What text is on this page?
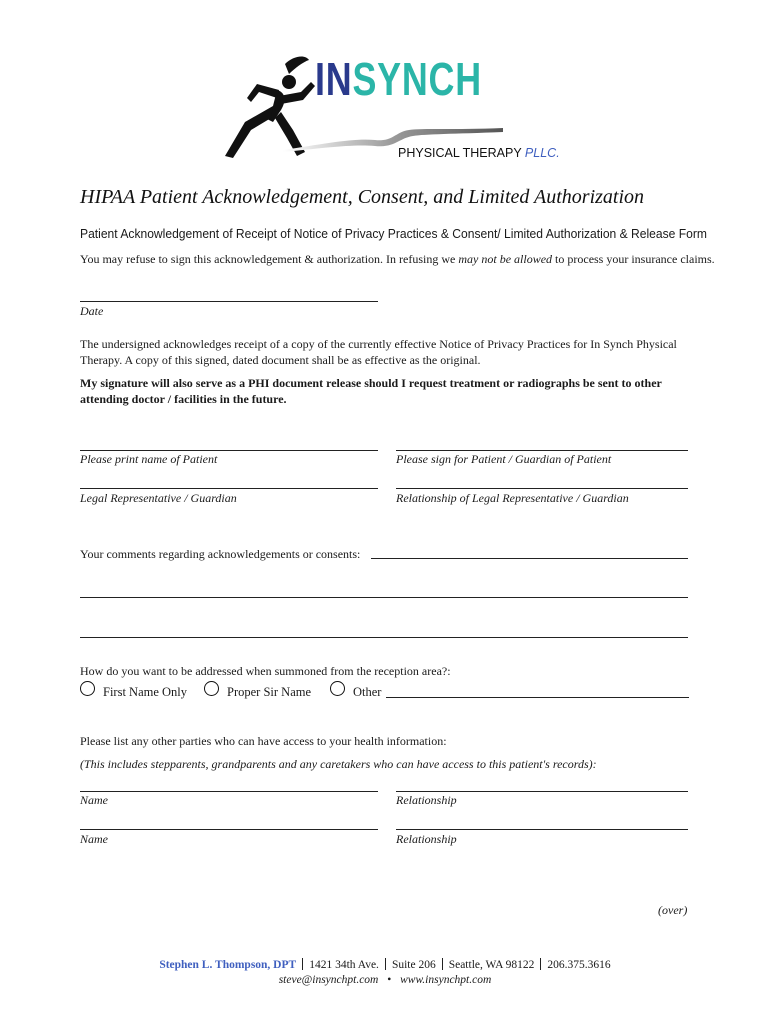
INSYNCH
PHYSICAL THERAPY PLLC.
HIPAA Patient Acknowledgement, Consent, and Limited Authorization
Patient Acknowledgement of Receipt of Notice of Privacy Practices & Consent/ Limited Authorization & Release Form
You may refuse to sign this acknowledgement & authorization. In refusing we may not be allowed to process your insurance claims.
Date
The undersigned acknowledges receipt of a copy of the currently effective Notice of Privacy Practices for In Synch Physical
Therapy. A copy of this signed, dated document shall be as effective as the original.
My signature will also serve as a PHI document release should I request treatment or radiographs be sent to other
attending doctor / facilities in the future.
Please print name of Patient	Please sign for Patient / Guardian of Patient
Legal Representative / Guardian	Relationship of Legal Representative / Guardian
Your comments regarding acknowledgements or consents:
How do you want to be addressed when summoned from the reception area?:
First Name Only	Proper Sir Name	Other
Please list any other parties who can have access to your health information:
(This includes stepparents, grandparents and any caretakers who can have access to this patient's records):
Name	Relationship
Name	Relationship
(over)
Stephen L. Thompson, DPT 1421 34th Ave. Suite 206 Seattle, WA 98122 206.375.3616
steve@insynchpt.com • www.insynchpt.com
